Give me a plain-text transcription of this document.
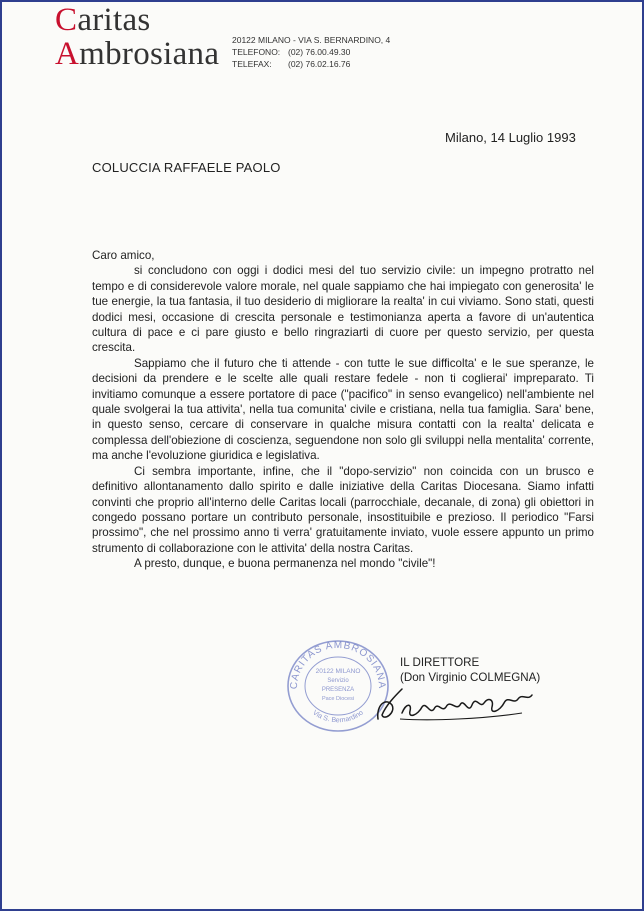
Caritas
Ambrosiana 20122 MILANO - VIA S. BERNARDINO, 4
TELEFONO: (02) 76.00.49.30
TELEFAX: (02) 76.02.16.76
Milano, 14 Luglio 1993
COLUCCIA RAFFAELE PAOLO

Caro amico,

si concludono con oggi i dodici mesi del tuo servizio civile: un impegno protratto nel tempo e di considerevole valore morale, nel quale sappiamo che hai impiegato con generosita' le tue energie, la tua fantasia, il tuo desiderio di migliorare la realta' in cui viviamo. Sono stati, questi dodici mesi, occasione di crescita personale e testimonianza aperta a favore di un'autentica cultura di pace e ci pare giusto e bello ringraziarti di cuore per questo servizio, per questa crescita.

Sappiamo che il futuro che ti attende - con tutte le sue difficolta' e le sue speranze, le decisioni da prendere e le scelte alle quali restare fedele - non ti coglierai' impreparato. Ti invitiamo comunque a essere portatore di pace ("pacifico" in senso evangelico) nell'ambiente nel quale svolgerai la tua attivita', nella tua comunita' civile e cristiana, nella tua famiglia. Sara' bene, in questo senso, cercare di conservare in qualche misura contatti con la realta' delicata e complessa dell'obiezione di coscienza, seguendone non solo gli sviluppi nella mentalita' corrente, ma anche l'evoluzione giuridica e legislativa.

Ci sembra importante, infine, che il "dopo-servizio" non coincida con un brusco e definitivo allontanamento dallo spirito e dalle iniziative della Caritas Diocesana. Siamo infatti convinti che proprio all'interno delle Caritas locali (parrocchiale, decanale, di zona) gli obiettori in congedo possano portare un contributo personale, insostituibile e prezioso. Il periodico "Farsi prossimo", che nel prossimo anno ti verra' gratuitamente inviato, vuole essere appunto un primo strumento di collaborazione con le attivita' della nostra Caritas.

A presto, dunque, e buona permanenza nel mondo "civile"!

CARITAS AMBROSIANA
Via S. Bernardino
20122 MILANO
Servizio
PRESENZA
Pace Diocesi
IL DIRETTORE
(Don Virginio COLMEGNA)
